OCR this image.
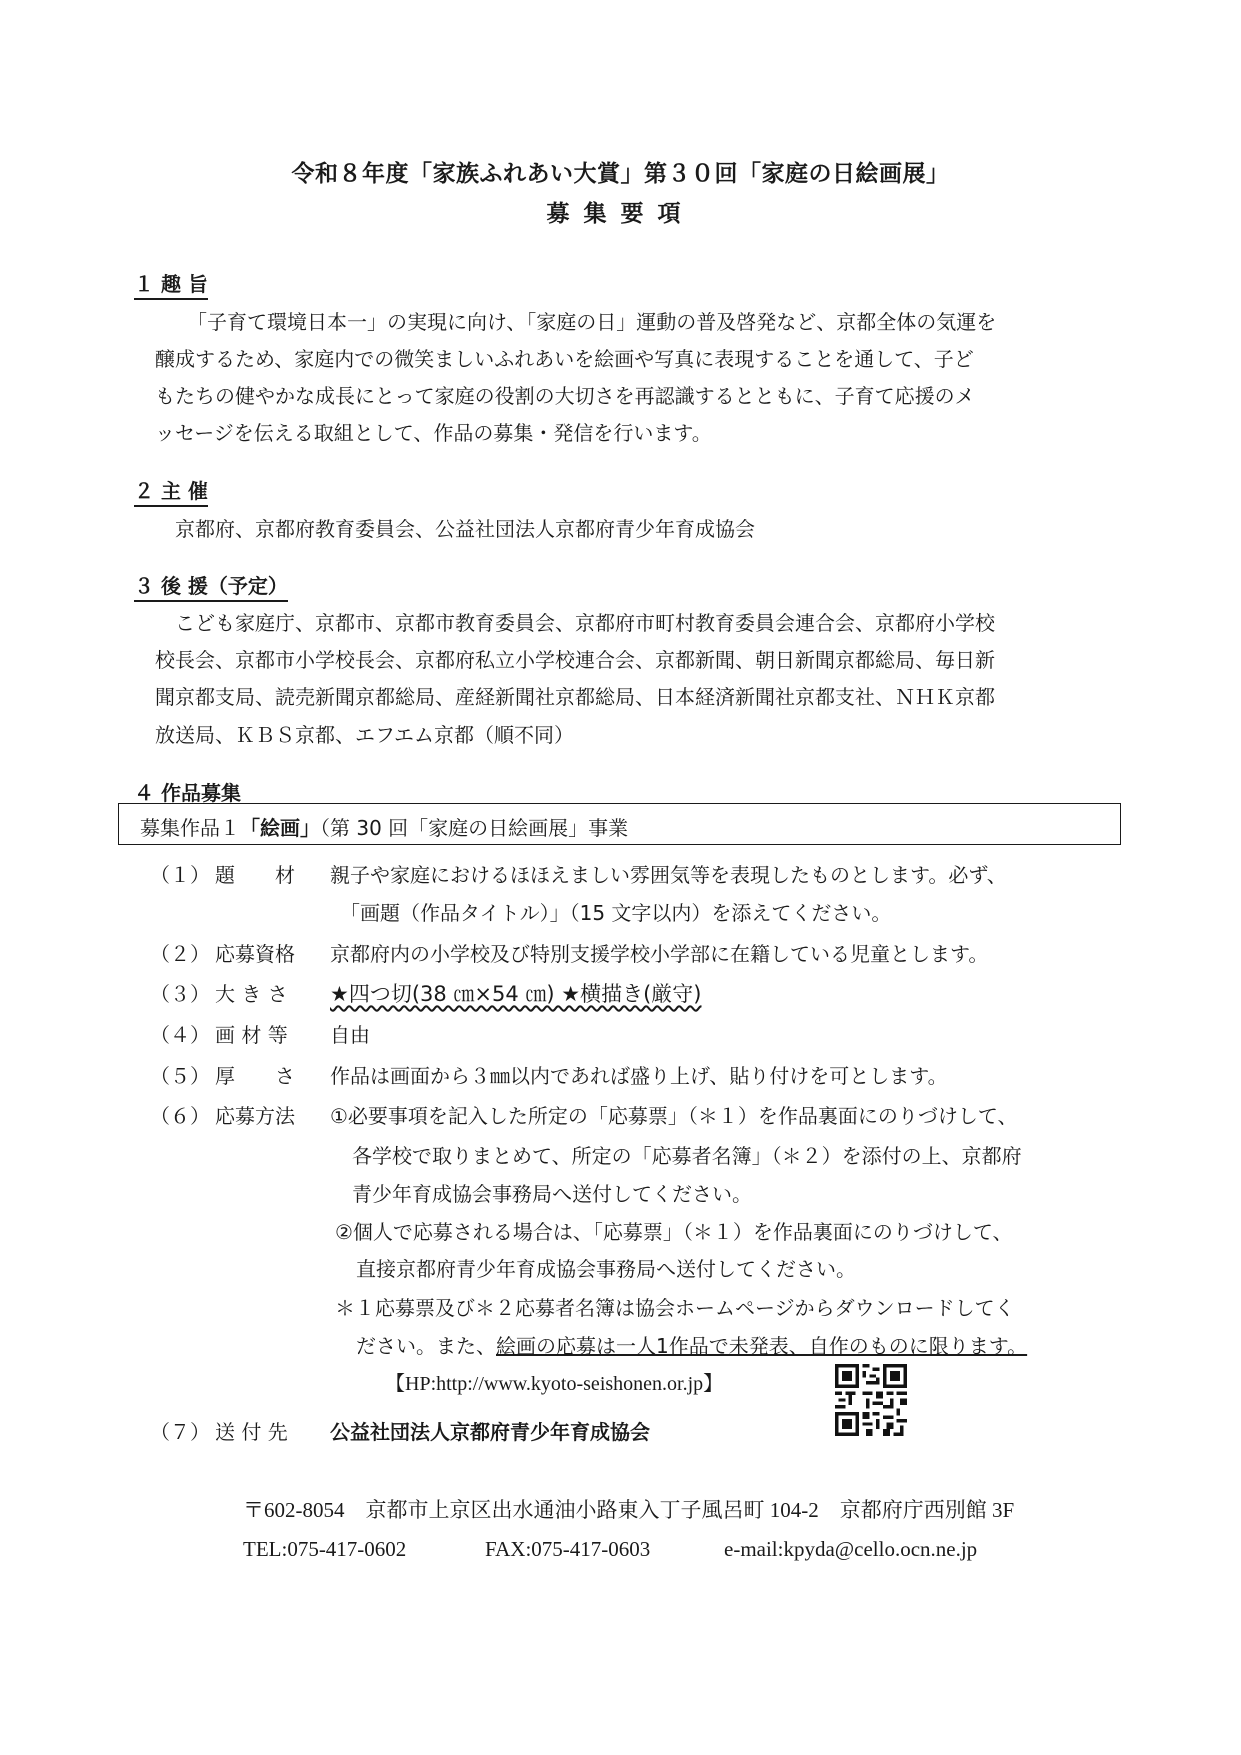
令和８年度「家族ふれあい大賞」第３０回「家庭の日絵画展」
募集要項
１ 趣 旨
「子育て環境日本一」の実現に向け、「家庭の日」運動の普及啓発など、京都全体の気運を
醸成するため、家庭内での微笑ましいふれあいを絵画や写真に表現することを通して、子ど
もたちの健やかな成長にとって家庭の役割の大切さを再認識するとともに、子育て応援のメ
ッセージを伝える取組として、作品の募集・発信を行います。
２ 主 催
京都府、京都府教育委員会、公益社団法人京都府青少年育成協会
３ 後 援（予定）
こども家庭庁、京都市、京都市教育委員会、京都府市町村教育委員会連合会、京都府小学校
校長会、京都市小学校長会、京都府私立小学校連合会、京都新聞、朝日新聞京都総局、毎日新
聞京都支局、読売新聞京都総局、産経新聞社京都総局、日本経済新聞社京都支社、ＮＨＫ京都
放送局、ＫＢＳ京都、エフエム京都（順不同）
４ 作品募集
募集作品１「絵画」（第 30 回「家庭の日絵画展」事業
（１） 題　　材 親子や家庭におけるほほえましい雰囲気等を表現したものとします。必ず、
「画題（作品タイトル）」（15 文字以内）を添えてください。
（２） 応募資格 京都府内の小学校及び特別支援学校小学部に在籍している児童とします。
（３） 大 き さ ★四つ切(38 ㎝×54 ㎝) ★横描き(厳守)
（４） 画 材 等 自由
（５） 厚　　さ 作品は画面から３㎜以内であれば盛り上げ、貼り付けを可とします。
（６） 応募方法 ①必要事項を記入した所定の「応募票」（＊１）を作品裏面にのりづけして、
各学校で取りまとめて、所定の「応募者名簿」（＊２）を添付の上、京都府
青少年育成協会事務局へ送付してください。
②個人で応募される場合は、「応募票」（＊１）を作品裏面にのりづけして、
直接京都府青少年育成協会事務局へ送付してください。
＊１応募票及び＊２応募者名簿は協会ホームページからダウンロードしてく
ださい。また、絵画の応募は一人1作品で未発表、自作のものに限ります。
【HP:http://www.kyoto-seishonen.or.jp】
（７） 送 付 先 公益社団法人京都府青少年育成協会
〒602-8054　京都市上京区出水通油小路東入丁子風呂町 104-2　京都府庁西別館 3F
TEL:075-417-0602	FAX:075-417-0603	e-mail:kpyda@cello.ocn.ne.jp
